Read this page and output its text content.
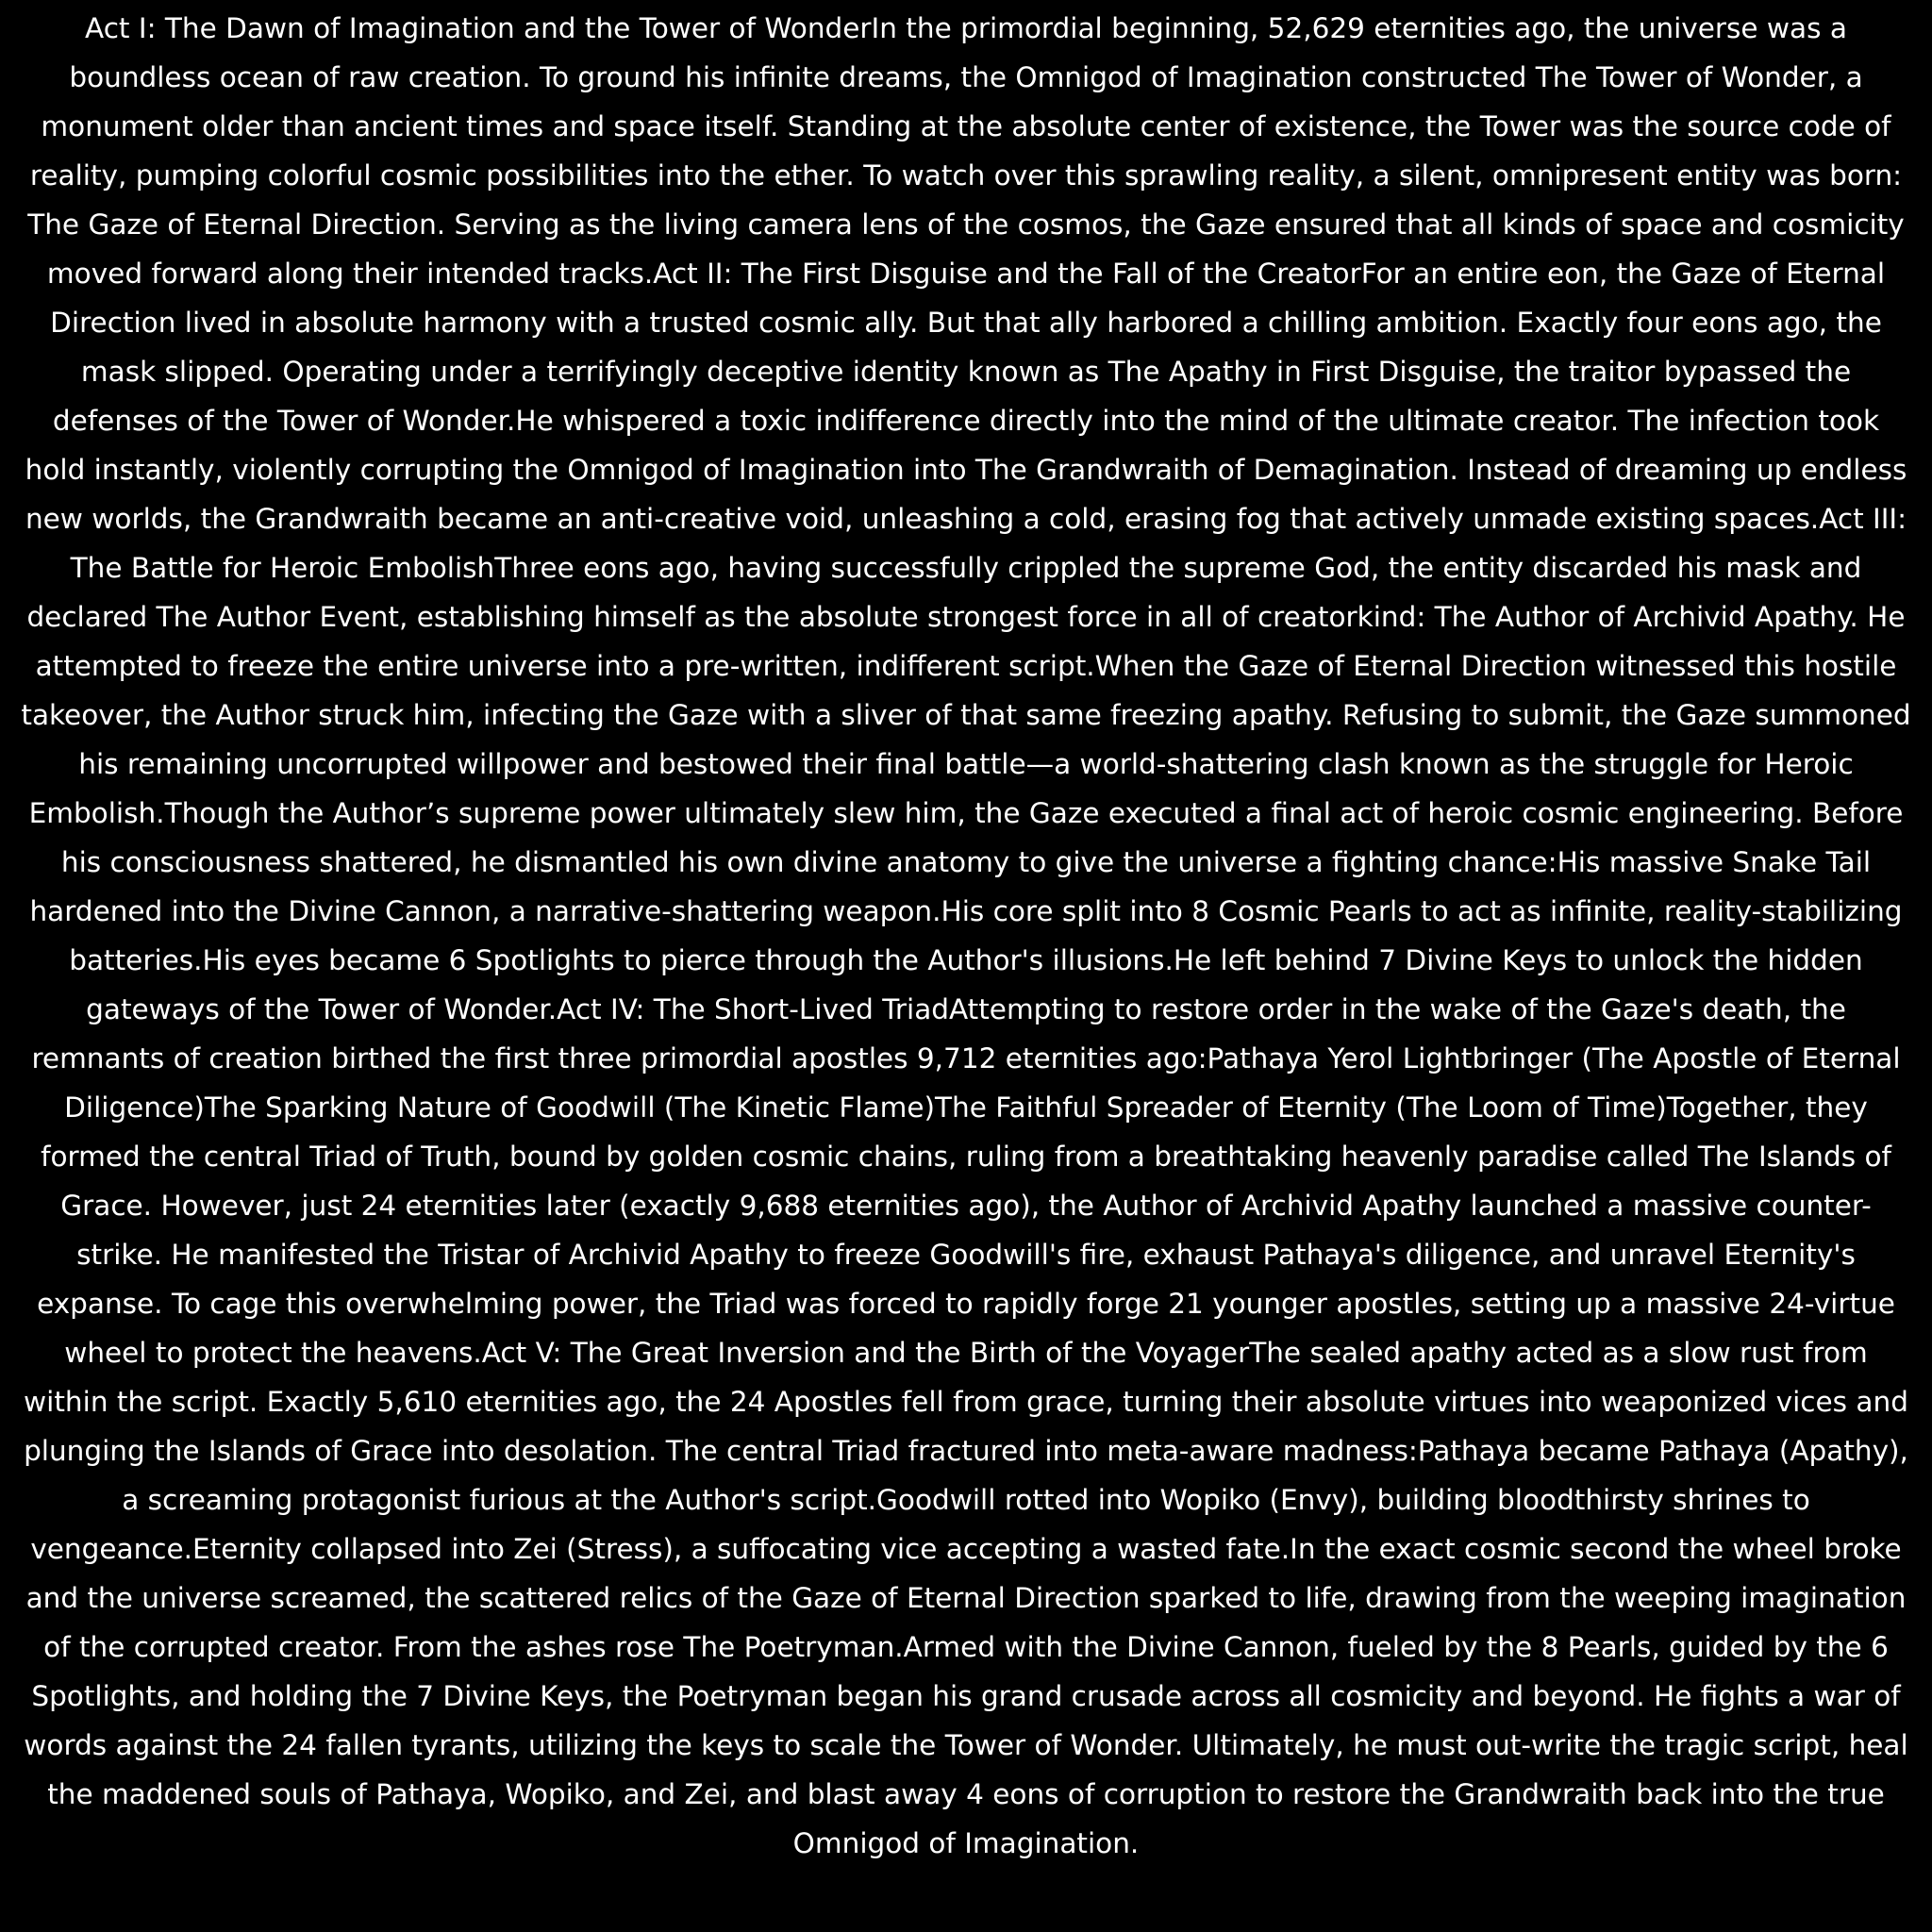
Act I: The Dawn of Imagination and the Tower of WonderIn the primordial beginning, 52,629 eternities ago, the universe was a boundless ocean of raw creation. To ground his infinite dreams, the Omnigod of Imagination constructed The Tower of Wonder, a monument older than ancient times and space itself. Standing at the absolute center of existence, the Tower was the source code of reality, pumping colorful cosmic possibilities into the ether. To watch over this sprawling reality, a silent, omnipresent entity was born: The Gaze of Eternal Direction. Serving as the living camera lens of the cosmos, the Gaze ensured that all kinds of space and cosmicity moved forward along their intended tracks.Act II: The First Disguise and the Fall of the CreatorFor an entire eon, the Gaze of Eternal Direction lived in absolute harmony with a trusted cosmic ally. But that ally harbored a chilling ambition. Exactly four eons ago, the mask slipped. Operating under a terrifyingly deceptive identity known as The Apathy in First Disguise, the traitor bypassed the defenses of the Tower of Wonder.He whispered a toxic indifference directly into the mind of the ultimate creator. The infection took hold instantly, violently corrupting the Omnigod of Imagination into The Grandwraith of Demagination. Instead of dreaming up endless new worlds, the Grandwraith became an anti-creative void, unleashing a cold, erasing fog that actively unmade existing spaces.Act III: The Battle for Heroic EmbolishThree eons ago, having successfully crippled the supreme God, the entity discarded his mask and declared The Author Event, establishing himself as the absolute strongest force in all of creatorkind: The Author of Archivid Apathy. He attempted to freeze the entire universe into a pre-written, indifferent script.When the Gaze of Eternal Direction witnessed this hostile takeover, the Author struck him, infecting the Gaze with a sliver of that same freezing apathy. Refusing to submit, the Gaze summoned his remaining uncorrupted willpower and bestowed their final battle—a world-shattering clash known as the struggle for Heroic Embolish.Though the Author’s supreme power ultimately slew him, the Gaze executed a final act of heroic cosmic engineering. Before his consciousness shattered, he dismantled his own divine anatomy to give the universe a fighting chance:His massive Snake Tail hardened into the Divine Cannon, a narrative-shattering weapon.His core split into 8 Cosmic Pearls to act as infinite, reality-stabilizing batteries.His eyes became 6 Spotlights to pierce through the Author's illusions.He left behind 7 Divine Keys to unlock the hidden gateways of the Tower of Wonder.Act IV: The Short-Lived TriadAttempting to restore order in the wake of the Gaze's death, the remnants of creation birthed the first three primordial apostles 9,712 eternities ago:Pathaya Yerol Lightbringer (The Apostle of Eternal Diligence)The Sparking Nature of Goodwill (The Kinetic Flame)The Faithful Spreader of Eternity (The Loom of Time)Together, they formed the central Triad of Truth, bound by golden cosmic chains, ruling from a breathtaking heavenly paradise called The Islands of Grace. However, just 24 eternities later (exactly 9,688 eternities ago), the Author of Archivid Apathy launched a massive counter-strike. He manifested the Tristar of Archivid Apathy to freeze Goodwill's fire, exhaust Pathaya's diligence, and unravel Eternity's expanse. To cage this overwhelming power, the Triad was forced to rapidly forge 21 younger apostles, setting up a massive 24-virtue wheel to protect the heavens.Act V: The Great Inversion and the Birth of the VoyagerThe sealed apathy acted as a slow rust from within the script. Exactly 5,610 eternities ago, the 24 Apostles fell from grace, turning their absolute virtues into weaponized vices and plunging the Islands of Grace into desolation. The central Triad fractured into meta-aware madness:Pathaya became Pathaya (Apathy), a screaming protagonist furious at the Author's script.Goodwill rotted into Wopiko (Envy), building bloodthirsty shrines to vengeance.Eternity collapsed into Zei (Stress), a suffocating vice accepting a wasted fate.In the exact cosmic second the wheel broke and the universe screamed, the scattered relics of the Gaze of Eternal Direction sparked to life, drawing from the weeping imagination of the corrupted creator. From the ashes rose The Poetryman.Armed with the Divine Cannon, fueled by the 8 Pearls, guided by the 6 Spotlights, and holding the 7 Divine Keys, the Poetryman began his grand crusade across all cosmicity and beyond. He fights a war of words against the 24 fallen tyrants, utilizing the keys to scale the Tower of Wonder. Ultimately, he must out-write the tragic script, heal the maddened souls of Pathaya, Wopiko, and Zei, and blast away 4 eons of corruption to restore the Grandwraith back into the true Omnigod of Imagination.
